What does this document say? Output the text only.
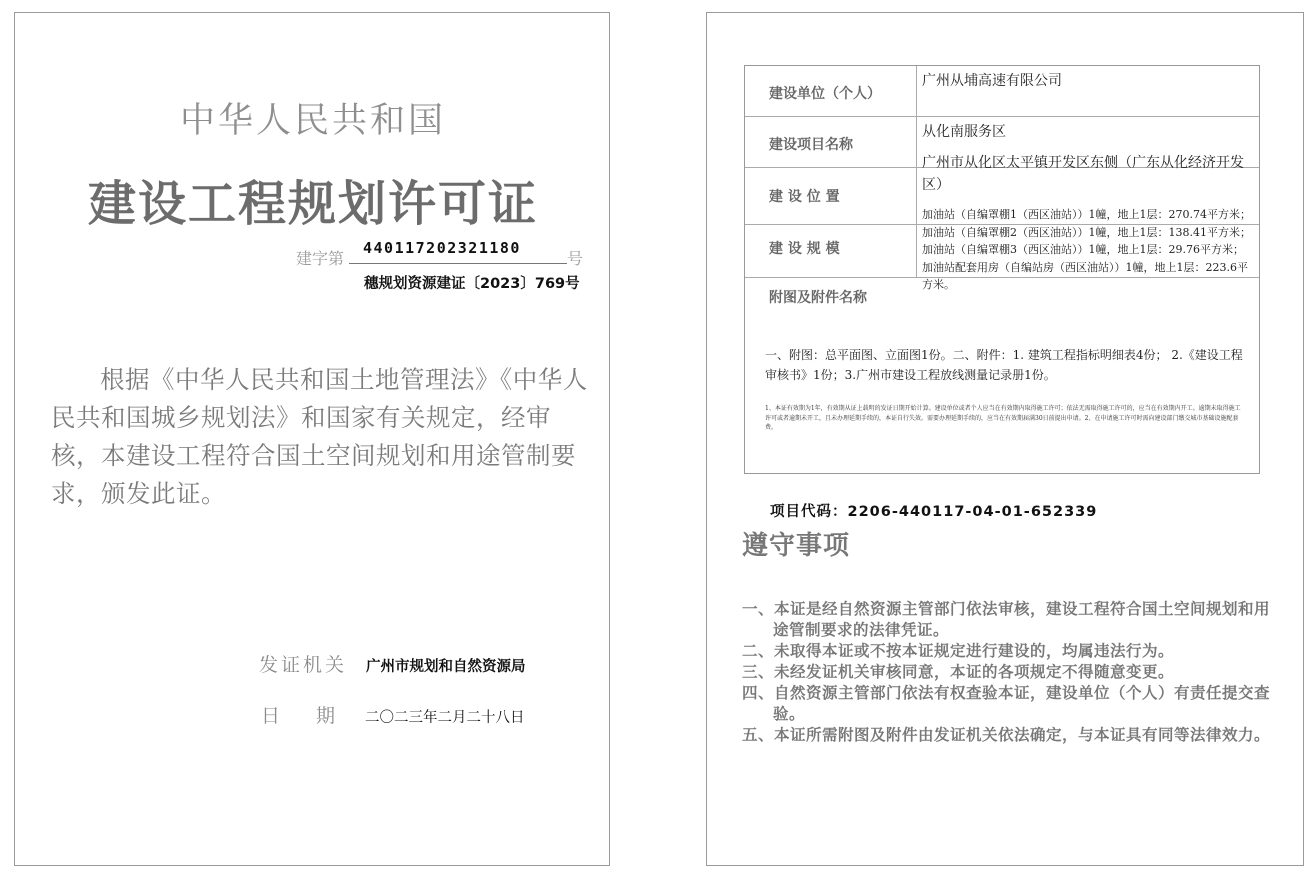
中华人民共和国
建设工程规划许可证
建字第
440117202321180
号
穗规划资源建证〔2023〕769号
根据《中华人民共和国土地管理法》《中华人民共和国城乡规划法》和国家有关规定，经审核，本建设工程符合国土空间规划和用途管制要求，颁发此证。
发证机关 广州市规划和自然资源局
日期
二〇二三年二月二十八日
建设单位（个人）
广州从埔高速有限公司
建设项目名称
从化南服务区
建 设 位 置
广州市从化区太平镇开发区东侧（广东从化经济开发区）
建 设 规 模
加油站（自编罩棚1（西区油站））1幢，地上1层：270.74平方米；加油站（自编罩棚2（西区油站））1幢，地上1层：138.41平方米；加油站（自编罩棚3（西区油站））1幢，地上1层：29.76平方米；加油站配套用房（自编站房（西区油站））1幢，地上1层：223.6平方米。
附图及附件名称
一、附图：总平面图、立面图1份。二、附件：1. 建筑工程指标明细表4份； 2.《建设工程审核书》1份；3.广州市建设工程放线测量记录册1份。
1、本证有效期为1年，有效期从证上载明的发证日期开始计算。建设单位或者个人应当在有效期内取得施工许可；依法无需取得施工许可的，应当在有效期内开工。逾期未取得施工许可或者逾期未开工，且未办理延期手续的，本证自行失效。需要办理延期手续的，应当在有效期届满30日前提出申请。2、在申请施工许可时需向建设部门缴交城市基础设施配套费。
项目代码：2206-440117-04-01-652339
遵守事项

一、本证是经自然资源主管部门依法审核，建设工程符合国土空间规划和用途管制要求的法律凭证。

二、未取得本证或不按本证规定进行建设的，均属违法行为。

三、未经发证机关审核同意，本证的各项规定不得随意变更。

四、自然资源主管部门依法有权查验本证，建设单位（个人）有责任提交查验。

五、本证所需附图及附件由发证机关依法确定，与本证具有同等法律效力。
